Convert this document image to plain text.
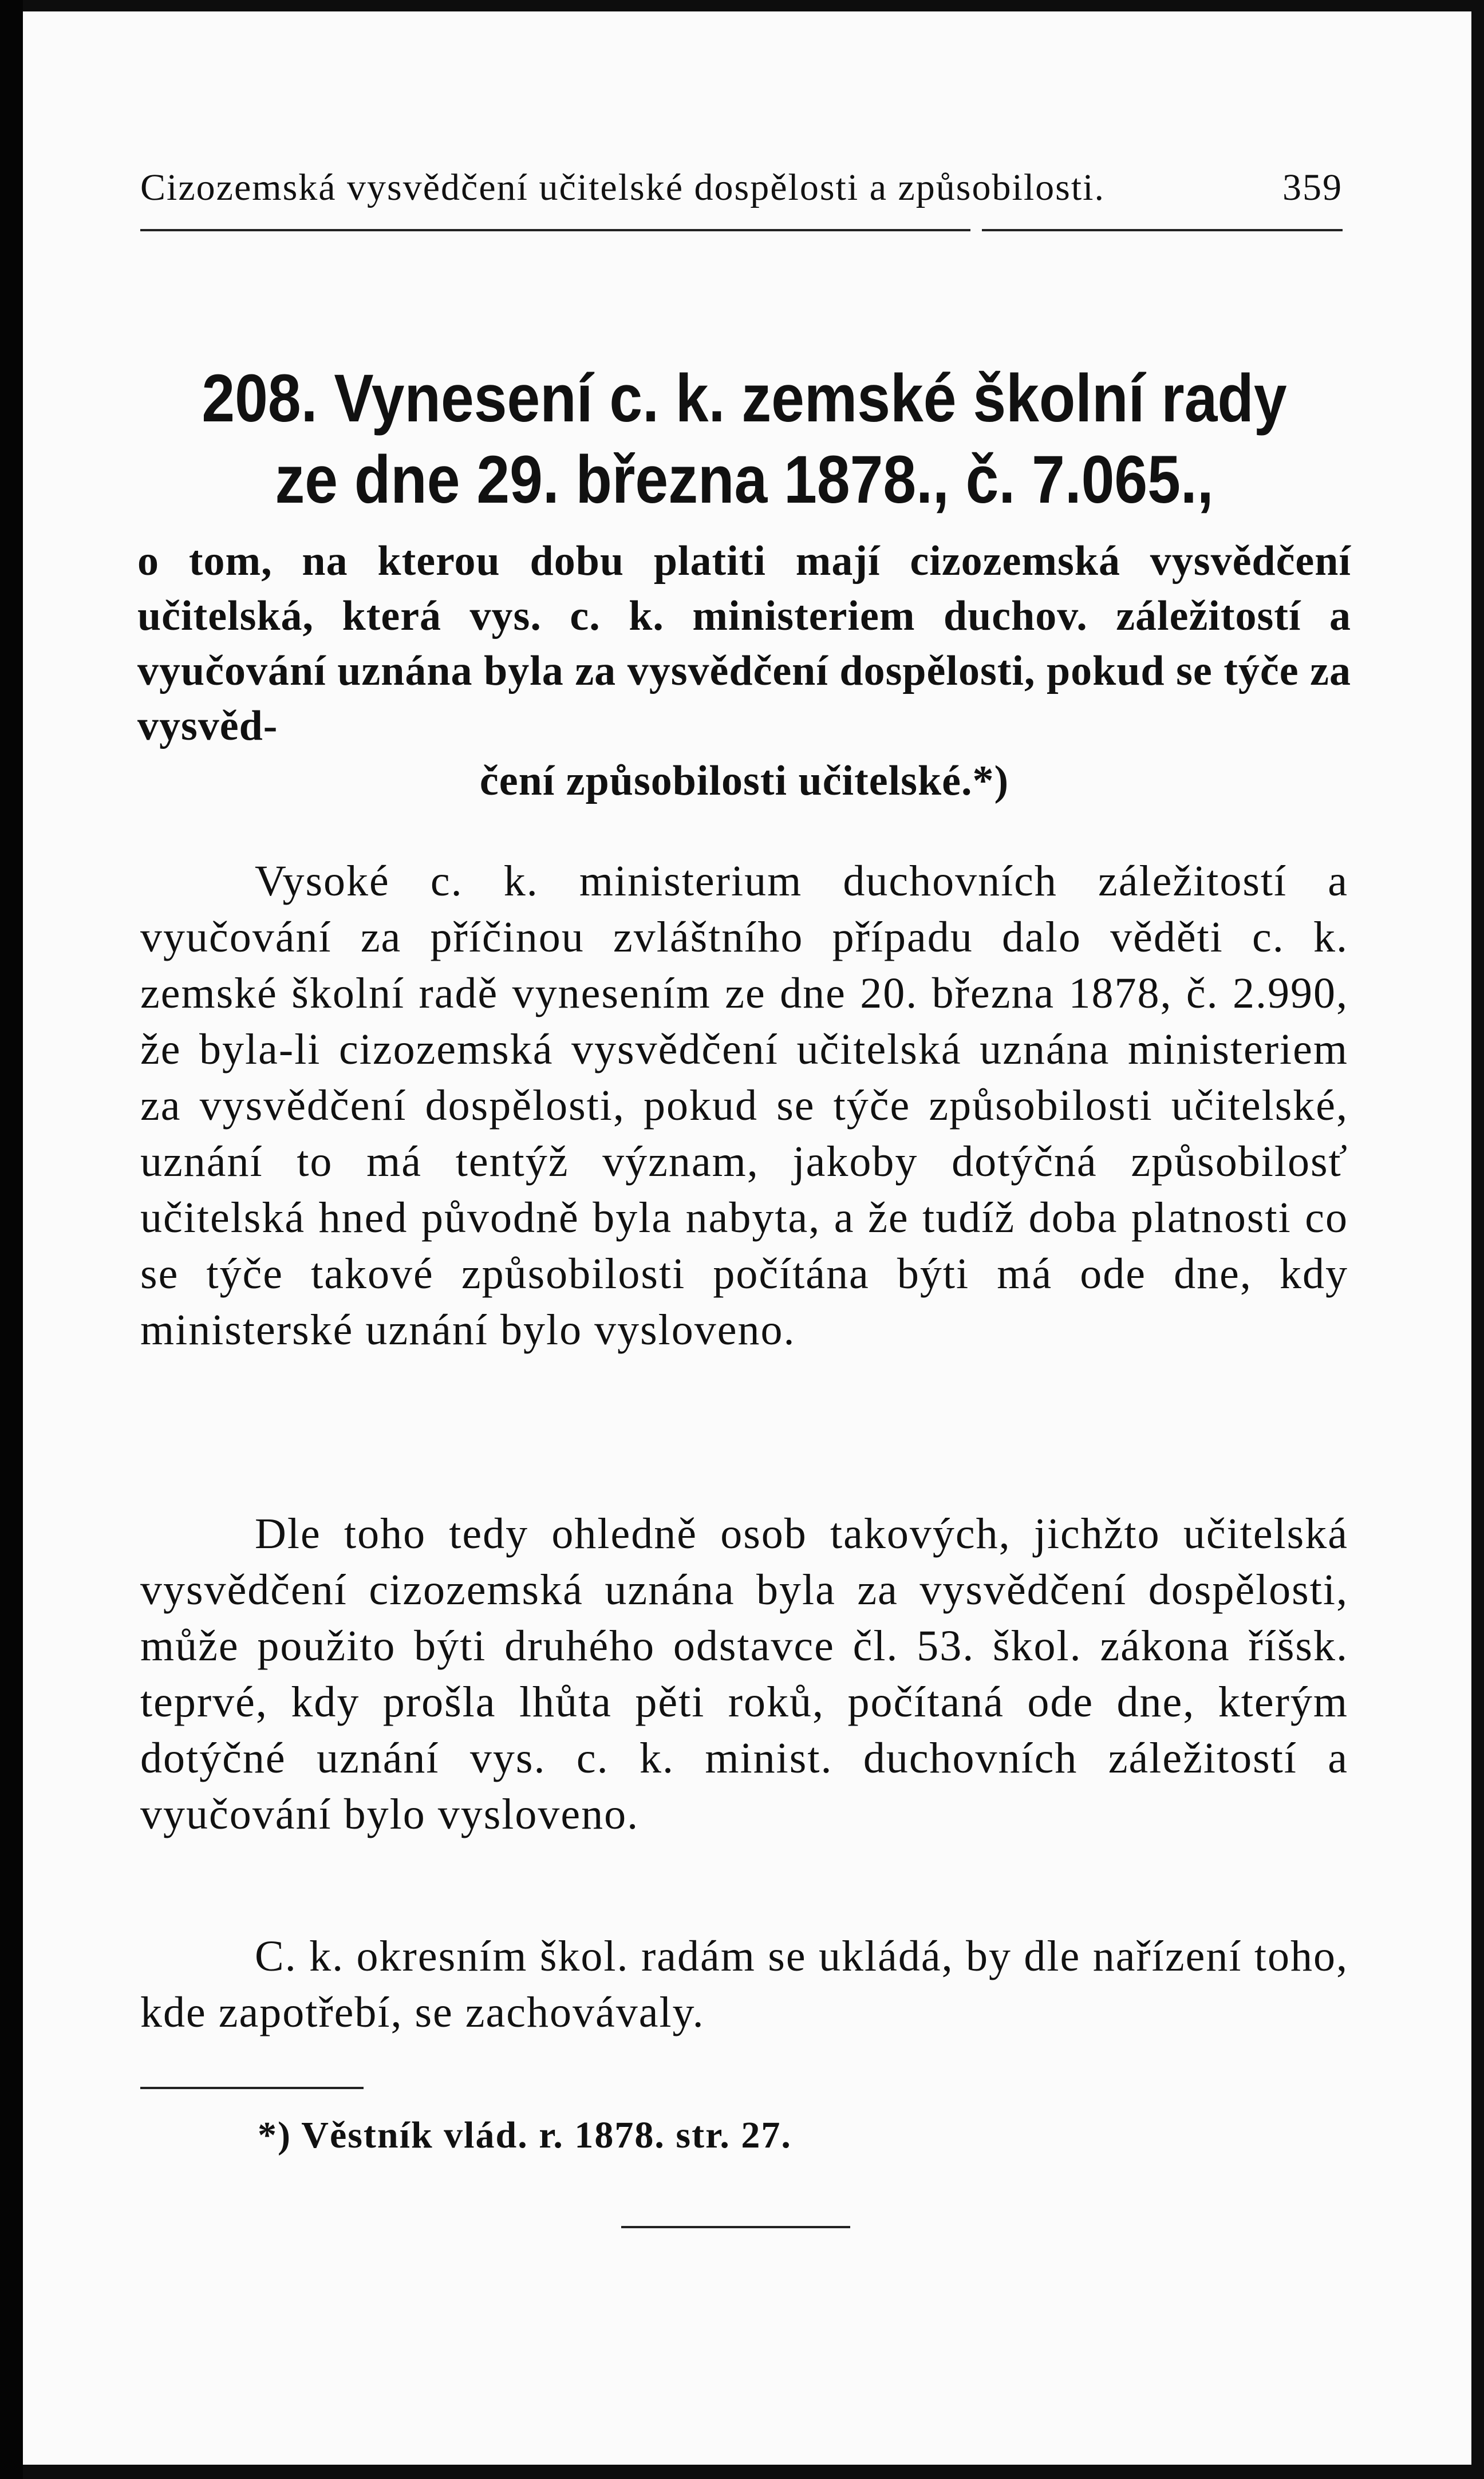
Cizozemská vysvědčení učitelské dospělosti a způsobilosti.	359
208. Vynesení c. k. zemské školní rady
ze dne 29. března 1878., č. 7.065.,
o tom, na kterou dobu platiti mají cizozemská vysvědčení učitelská, která vys. c. k. ministeriem duchov. záležitostí a vyučování uznána byla za vysvědčení dospělosti, pokud se týče za vysvěd-
čení způsobilosti učitelské.*)

Vysoké c. k. ministerium duchovních záležitostí a vyučování za příčinou zvláštního případu dalo věděti c. k. zemské školní radě vynesením ze dne 20. března 1878, č. 2.990, že byla-li cizozemská vysvědčení učitelská uznána ministeriem za vysvědčení dospělosti, pokud se týče způsobilosti učitelské, uznání to má tentýž význam, jakoby dotýčná způsobilosť učitelská hned původně byla nabyta, a že tudíž doba platnosti co se týče takové způsobilosti počítána býti má ode dne, kdy ministerské uznání bylo vysloveno.

Dle toho tedy ohledně osob takových, jichžto učitelská vysvědčení cizozemská uznána byla za vysvědčení dospělosti, může použito býti druhého odstavce čl. 53. škol. zákona říšsk. teprvé, kdy prošla lhůta pěti roků, počítaná ode dne, kterým dotýčné uznání vys. c. k. minist. duchovních záležitostí a vyučování bylo vysloveno.

C. k. okresním škol. radám se ukládá, by dle nařízení toho, kde zapotřebí, se zachovávaly.

*) Věstník vlád. r. 1878. str. 27.
